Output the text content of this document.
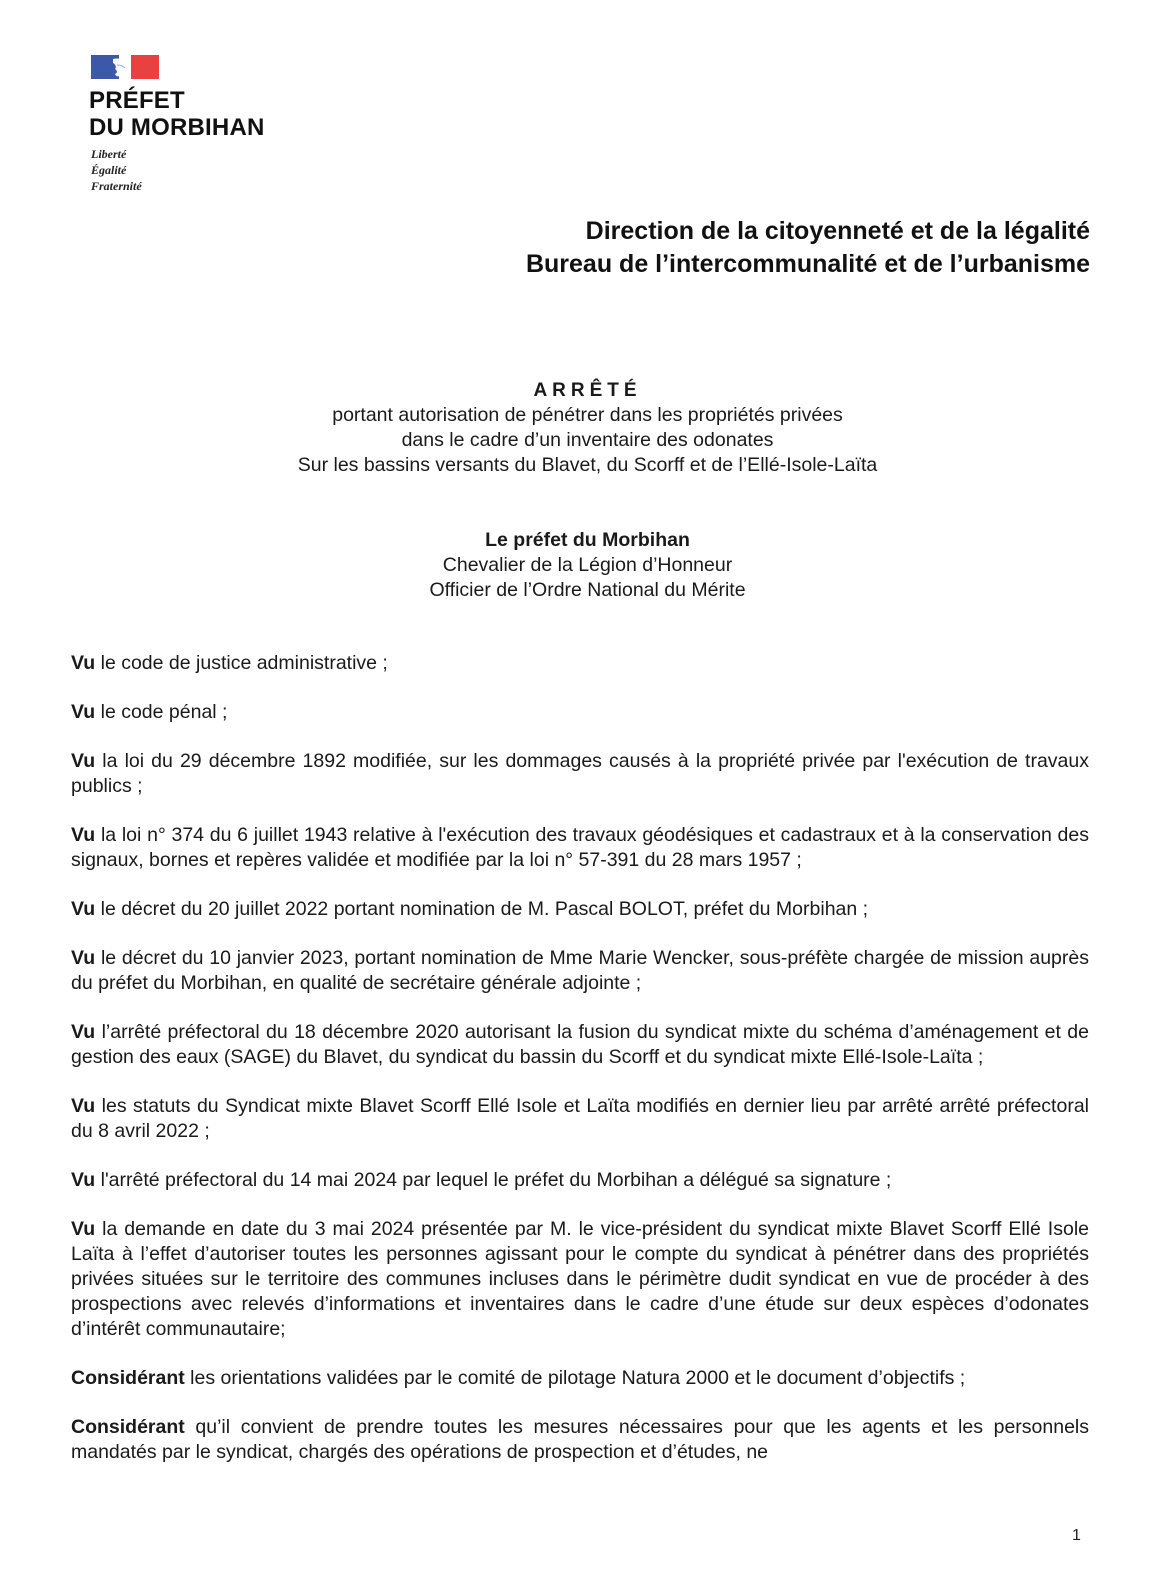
PRÉFET
DU MORBIHAN
Liberté
Égalité
Fraternité
Direction de la citoyenneté et de la légalité
Bureau de l’intercommunalité et de l’urbanisme
ARRÊTÉ
portant autorisation de pénétrer dans les propriétés privées
dans le cadre d’un inventaire des odonates
Sur les bassins versants du Blavet, du Scorff et de l’Ellé-Isole-Laïta
Le préfet du Morbihan
Chevalier de la Légion d’Honneur
Officier de l’Ordre National du Mérite

Vu le code de justice administrative ;

Vu le code pénal ;

Vu la loi du 29 décembre 1892 modifiée, sur les dommages causés à la propriété privée par l'exécution de travaux publics ;

Vu la loi n° 374 du 6 juillet 1943 relative à l'exécution des travaux géodésiques et cadastraux et à la conservation des signaux, bornes et repères validée et modifiée par la loi n° 57-391 du 28 mars 1957 ;

Vu le décret du 20 juillet 2022 portant nomination de M. Pascal BOLOT, préfet du Morbihan ;

Vu le décret du 10 janvier 2023, portant nomination de Mme Marie Wencker, sous-préfète chargée de mission auprès du préfet du Morbihan, en qualité de secrétaire générale adjointe ;

Vu l’arrêté préfectoral du 18 décembre 2020 autorisant la fusion du syndicat mixte du schéma d’aménagement et de gestion des eaux (SAGE) du Blavet, du syndicat du bassin du Scorff et du syndicat mixte Ellé-Isole-Laïta ;

Vu les statuts du Syndicat mixte Blavet Scorff Ellé Isole et Laïta modifiés en dernier lieu par arrêté arrêté préfectoral du 8 avril 2022 ;

Vu l'arrêté préfectoral du 14 mai 2024 par lequel le préfet du Morbihan a délégué sa signature ;

Vu la demande en date du 3 mai 2024 présentée par M. le vice-président du syndicat mixte Blavet Scorff Ellé Isole Laïta à l’effet d’autoriser toutes les personnes agissant pour le compte du syndicat à pénétrer dans des propriétés privées situées sur le territoire des communes incluses dans le périmètre dudit syndicat en vue de procéder à des prospections avec relevés d’informations et inventaires dans le cadre d’une étude sur deux espèces d’odonates d’intérêt communautaire;

Considérant les orientations validées par le comité de pilotage Natura 2000 et le document d’objectifs ;

Considérant qu’il convient de prendre toutes les mesures nécessaires pour que les agents et les personnels mandatés par le syndicat, chargés des opérations de prospection et d’études, ne

1
